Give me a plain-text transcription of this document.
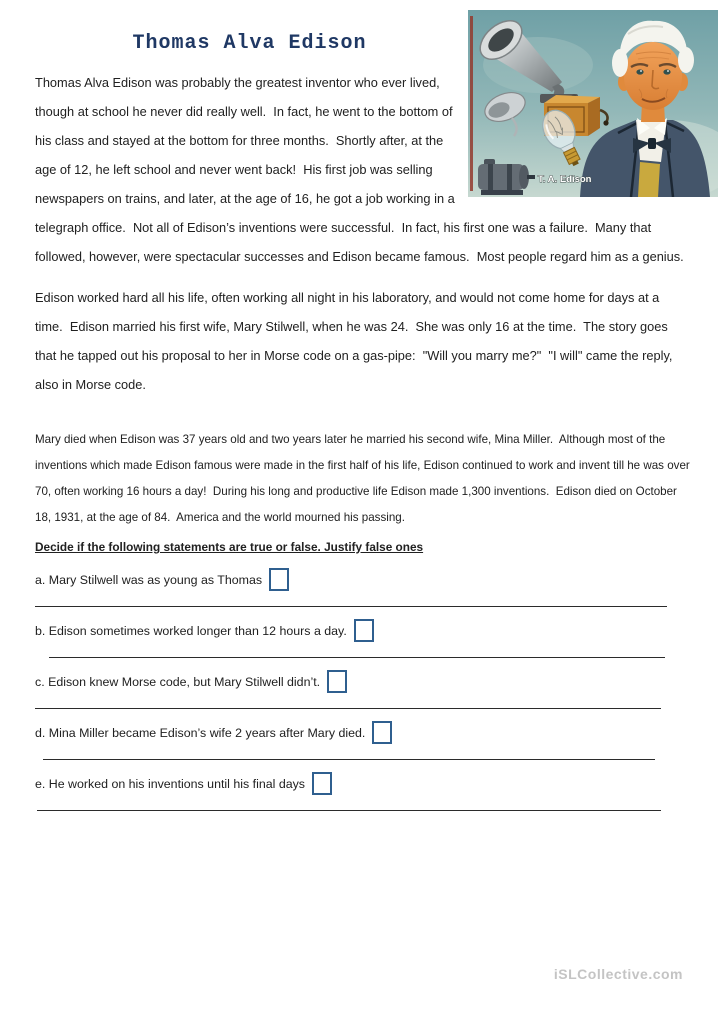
T. A. Edison
Thomas Alva Edison

Thomas Alva Edison was probably the greatest inventor who ever lived, though at school he never did really well.  In fact, he went to the bottom of his class and stayed at the bottom for three months.  Shortly after, at the age of 12, he left school and never went back!  His first job was selling newspapers on trains, and later, at the age of 16, he got a job working in a telegraph office.  Not all of Edison’s inventions were successful.  In fact, his first one was a failure.  Many that followed, however, were spectacular successes and Edison became famous.  Most people regard him as a genius.

Edison worked hard all his life, often working all night in his laboratory, and would not come home for days at a time.  Edison married his first wife, Mary Stilwell, when he was 24.  She was only 16 at the time.  The story goes that he tapped out his proposal to her in Morse code on a gas-pipe:  "Will you marry me?"  "I will" came the reply, also in Morse code.

Mary died when Edison was 37 years old and two years later he married his second wife, Mina Miller.  Although most of the inventions which made Edison famous were made in the first half of his life, Edison continued to work and invent till he was over 70, often working 16 hours a day!  During his long and productive life Edison made 1,300 inventions.  Edison died on October 18, 1931, at the age of 84.  America and the world mourned his passing.

Decide if the following statements are true or false. Justify false ones
a. Mary Stilwell was as young as Thomas
b. Edison sometimes worked longer than 12 hours a day.
c. Edison knew Morse code, but Mary Stilwell didn’t.
d. Mina Miller became Edison’s wife 2 years after Mary died.
e. He worked on his inventions until his final days
iSLCollective.com
